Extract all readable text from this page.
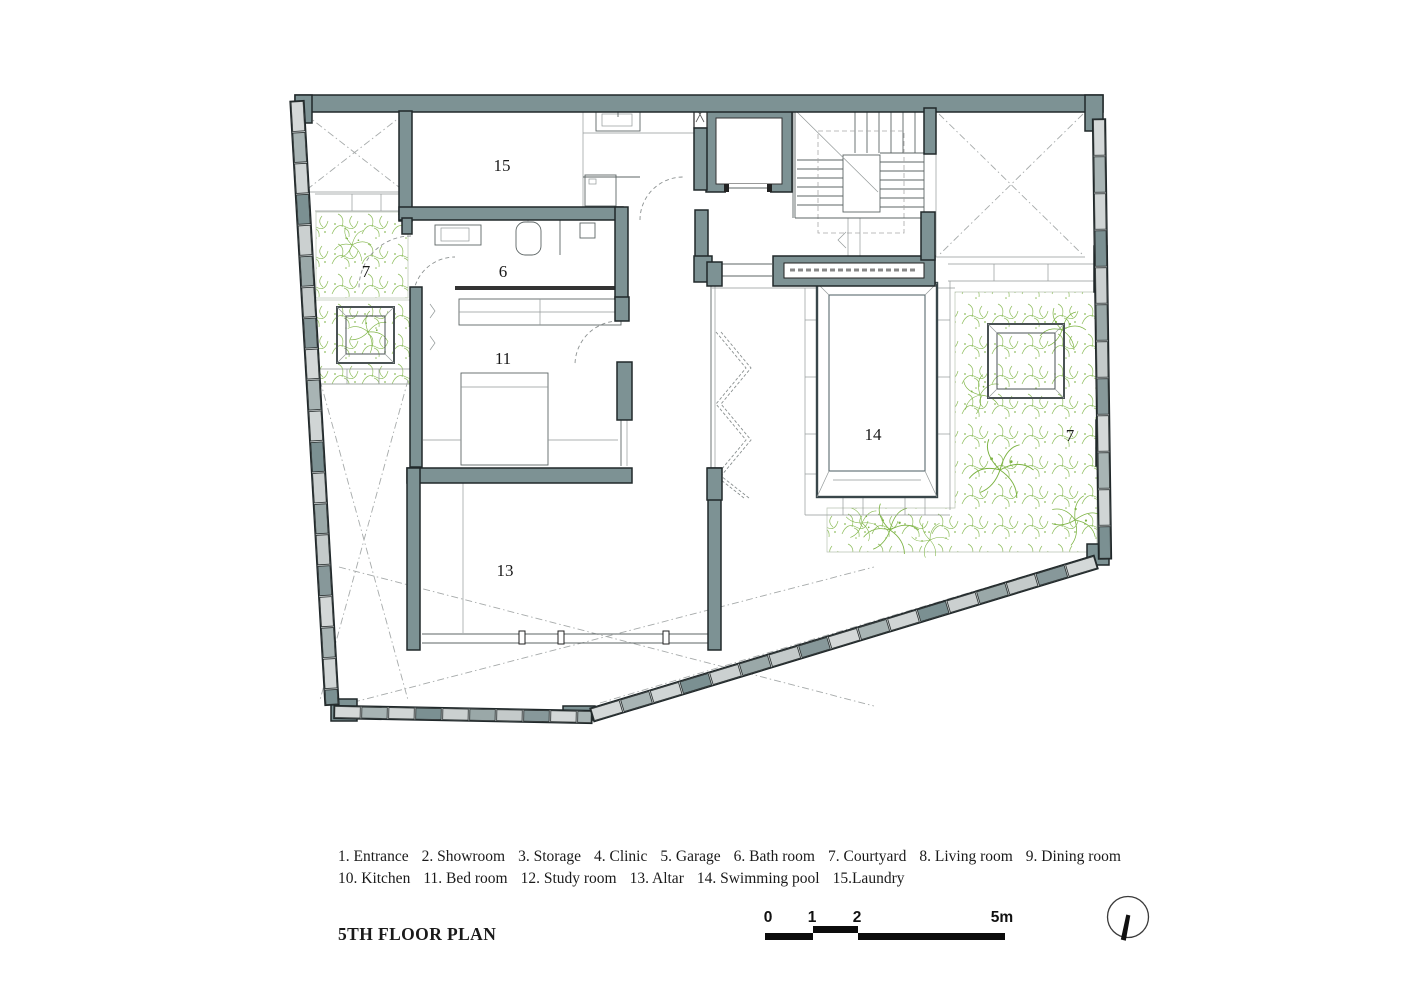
15
7	6
11
13
14	7
0 1 2	5m
1. Entrance 2. Showroom 3. Storage 4. Clinic 5. Garage 6. Bath room 7. Courtyard 8. Living room 9. Dining room
10. Kitchen 11. Bed room 12. Study room 13. Altar 14. Swimming pool 15.Laundry
5TH FLOOR PLAN
